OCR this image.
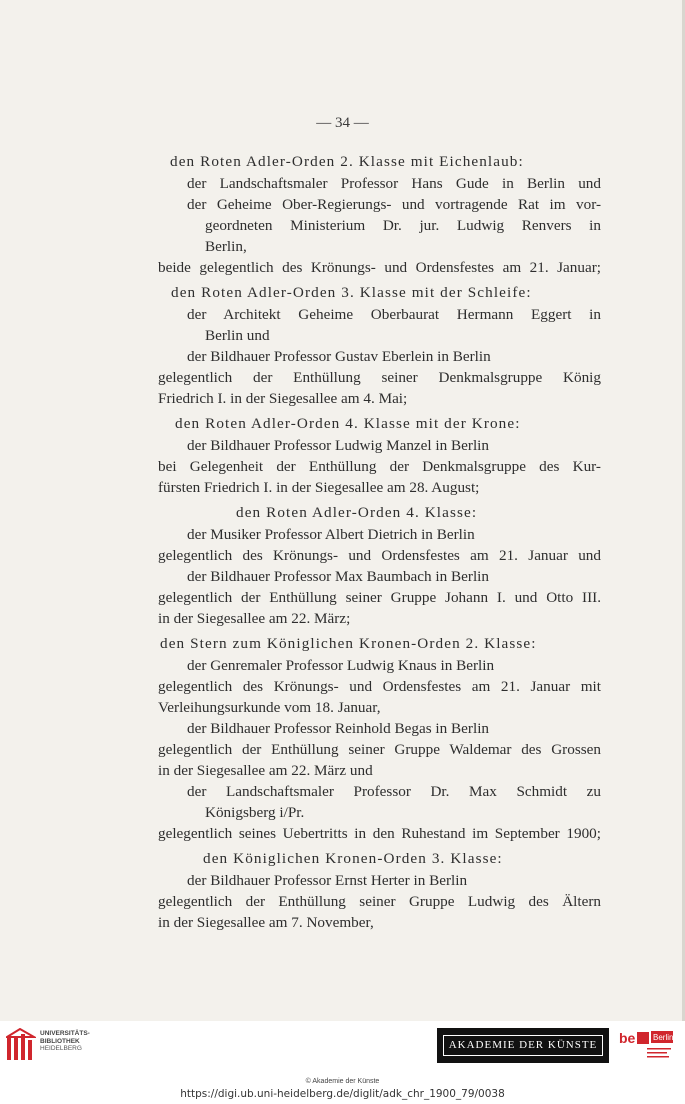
— 34 —
den Roten Adler-Orden 2. Klasse mit Eichenlaub:
der Landschaftsmaler Professor Hans Gude in Berlin und
der Geheime Ober-Regierungs- und vortragende Rat im vor-
geordneten Ministerium Dr. jur. Ludwig Renvers in
Berlin,
beide gelegentlich des Krönungs- und Ordensfestes am 21. Januar;
den Roten Adler-Orden 3. Klasse mit der Schleife:
der Architekt Geheime Oberbaurat Hermann Eggert in
Berlin und
der Bildhauer Professor Gustav Eberlein in Berlin
gelegentlich der Enthüllung seiner Denkmalsgruppe König
Friedrich I. in der Siegesallee am 4. Mai;
den Roten Adler-Orden 4. Klasse mit der Krone:
der Bildhauer Professor Ludwig Manzel in Berlin
bei Gelegenheit der Enthüllung der Denkmalsgruppe des Kur-
fürsten Friedrich I. in der Siegesallee am 28. August;
den Roten Adler-Orden 4. Klasse:
der Musiker Professor Albert Dietrich in Berlin
gelegentlich des Krönungs- und Ordensfestes am 21. Januar und
der Bildhauer Professor Max Baumbach in Berlin
gelegentlich der Enthüllung seiner Gruppe Johann I. und Otto III.
in der Siegesallee am 22. März;
den Stern zum Königlichen Kronen-Orden 2. Klasse:
der Genremaler Professor Ludwig Knaus in Berlin
gelegentlich des Krönungs- und Ordensfestes am 21. Januar mit
Verleihungsurkunde vom 18. Januar,
der Bildhauer Professor Reinhold Begas in Berlin
gelegentlich der Enthüllung seiner Gruppe Waldemar des Grossen
in der Siegesallee am 22. März und
der Landschaftsmaler Professor Dr. Max Schmidt zu
Königsberg i/Pr.
gelegentlich seines Uebertritts in den Ruhestand im September 1900;
den Königlichen Kronen-Orden 3. Klasse:
der Bildhauer Professor Ernst Herter in Berlin
gelegentlich der Enthüllung seiner Gruppe Ludwig des Ältern
in der Siegesallee am 7. November,
UNIVERSITÄTS-
BIBLIOTHEK
HEIDELBERG	AKADEMIE DER KÜNSTE	be Berlin
© Akademie der Künste
https://digi.ub.uni-heidelberg.de/diglit/adk_chr_1900_79/0038
